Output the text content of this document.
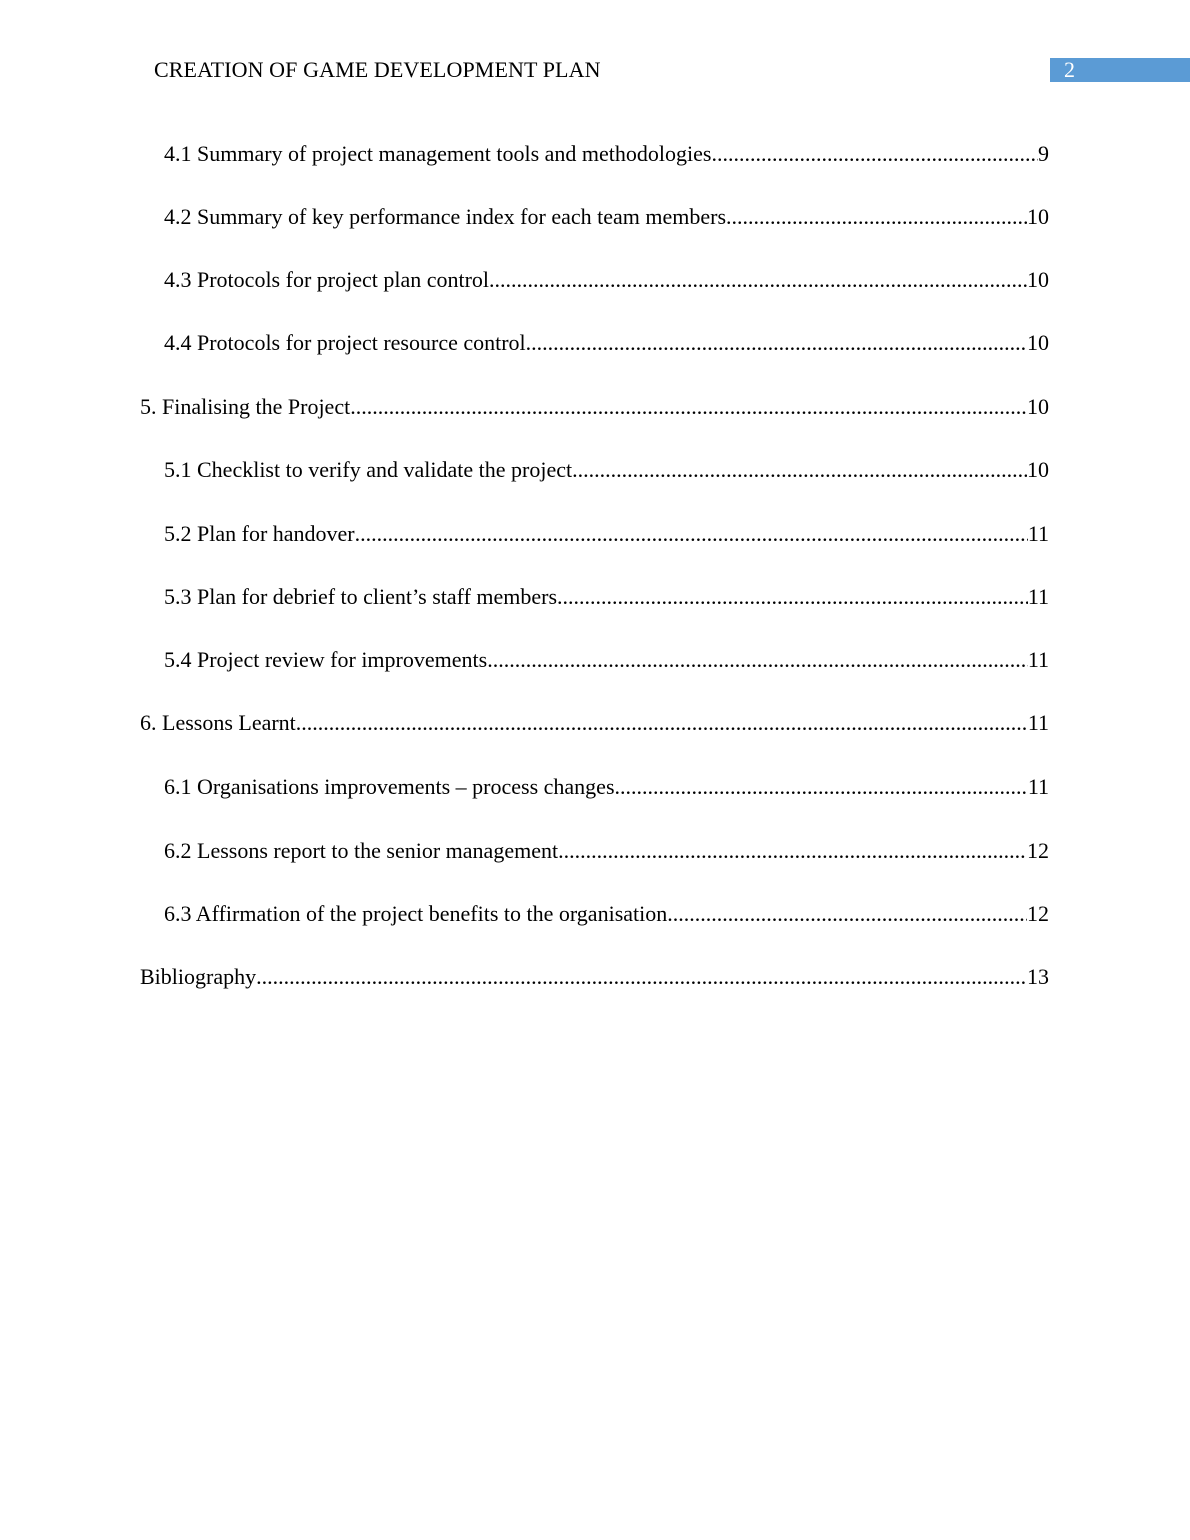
CREATION OF GAME DEVELOPMENT PLAN	2
4.1 Summary of project management tools and methodologies .....	9
4.2 Summary of key performance index for each team members .....	10
4.3 Protocols for project plan control .....	10
4.4 Protocols for project resource control .....	10
5. Finalising the Project .....	10
5.1 Checklist to verify and validate the project .....	10
5.2 Plan for handover .....	11
5.3 Plan for debrief to client’s staff members .....	11
5.4 Project review for improvements .....	11
6. Lessons Learnt .....	11
6.1 Organisations improvements – process changes .....	11
6.2 Lessons report to the senior management .....	12
6.3 Affirmation of the project benefits to the organisation .....	12
Bibliography .....	13
